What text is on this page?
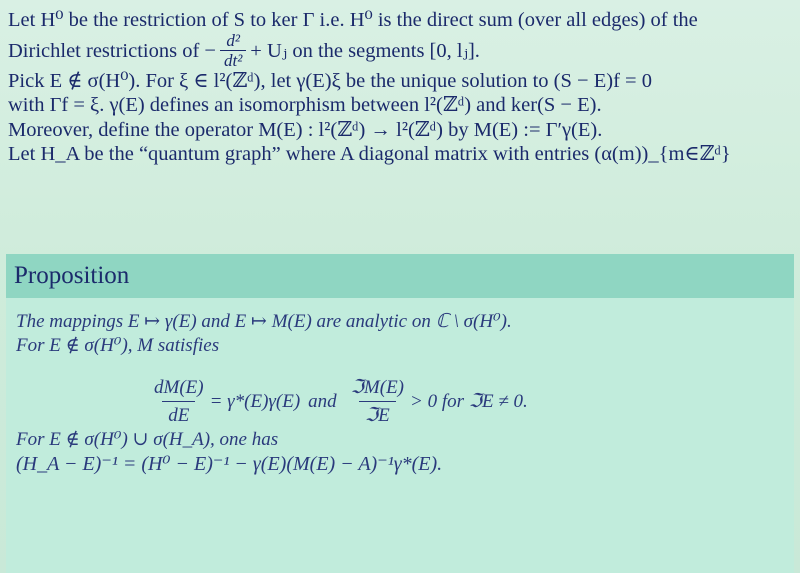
Let H⁰ be the restriction of S to ker Γ i.e. H⁰ is the direct sum (over all edges) of the

Dirichlet restrictions of − $\frac{\text{d²}}{\text{dt²}}$ + Uⱼ on the segments [0, lⱼ].

Pick E ∉ σ(H⁰). For ξ ∈ l²(ℤᵈ), let γ(E)ξ be the unique solution to (S − E)f = 0

with Γf = ξ. γ(E) defines an isomorphism between l²(ℤᵈ) and ker(S − E).

Moreover, define the operator M(E) : l²(ℤᵈ) → l²(ℤᵈ) by M(E) := Γ′γ(E).

Let H_A be the “quantum graph” where A diagonal matrix with entries (α(m))_{m∈ℤᵈ}

Proposition

The mappings E ↦ γ(E) and E ↦ M(E) are analytic on ℂ \ σ(H⁰).

For E ∉ σ(H⁰), M satisfies

$\frac{dM(E)}{dE} = \gamma*(E)\gamma(E)$ and $\frac{\text{ℑM(E)}}{\text{ℑE}} > 0$ for ℑE ≠ 0.

For E ∉ σ(H⁰) ∪ σ(H_A), one has

(H_A − E)⁻¹ = (H⁰ − E)⁻¹ − γ(E)(M(E) − A)⁻¹γ*(E).
